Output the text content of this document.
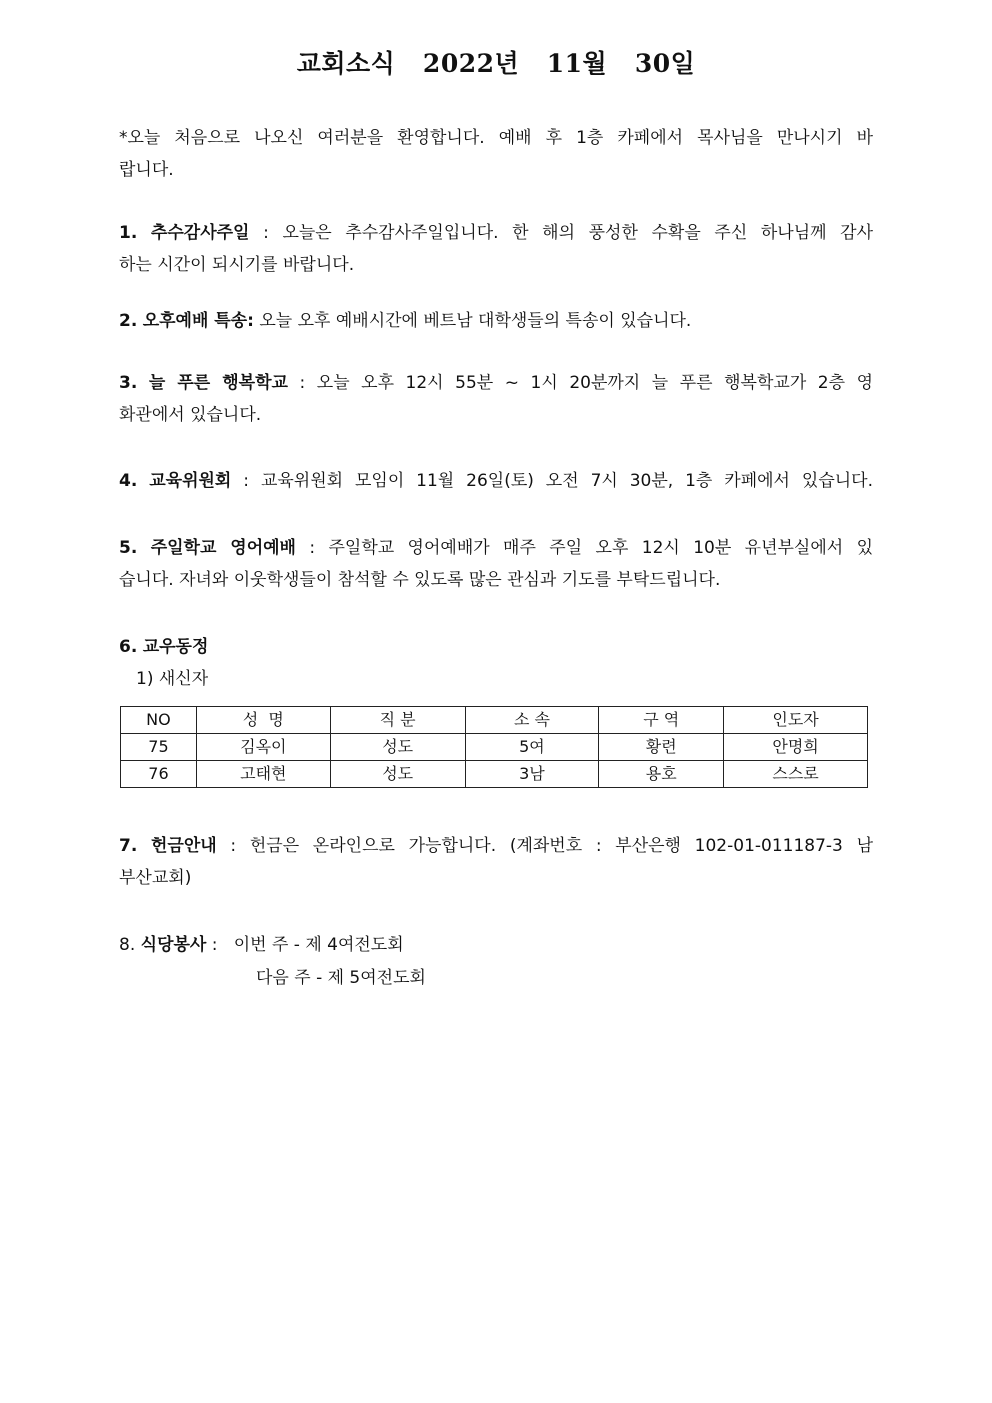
교회소식   2022년   11월   30일
*오늘 처음으로 나오신 여러분을 환영합니다. 예배 후 1층 카페에서 목사님을 만나시기 바
랍니다.
1. 추수감사주일 : 오늘은 추수감사주일입니다. 한 해의 풍성한 수확을 주신 하나님께 감사
하는 시간이 되시기를 바랍니다.
2. 오후예배 특송: 오늘 오후 예배시간에 베트남 대학생들의 특송이 있습니다.
3. 늘 푸른 행복학교 : 오늘 오후 12시 55분 ~ 1시 20분까지 늘 푸른 행복학교가 2층 영
화관에서 있습니다.
4. 교육위원회 : 교육위원회 모임이 11월 26일(토) 오전 7시 30분, 1층 카페에서 있습니다.
5. 주일학교 영어예배 : 주일학교 영어예배가 매주 주일 오후 12시 10분 유년부실에서 있
습니다. 자녀와 이웃학생들이 참석할 수 있도록 많은 관심과 기도를 부탁드립니다.
6. 교우동정
1) 새신자
NO	성  명	직 분	소 속	구 역	인도자
75	김옥이	성도	5여	황련	안명희
76	고태현	성도	3남	용호	스스로
7. 헌금안내 : 헌금은 온라인으로 가능합니다. (계좌번호 : 부산은행 102-01-011187-3 남
부산교회)
8. 식당봉사 :   이번 주 - 제 4여전도회
다음 주 - 제 5여전도회
